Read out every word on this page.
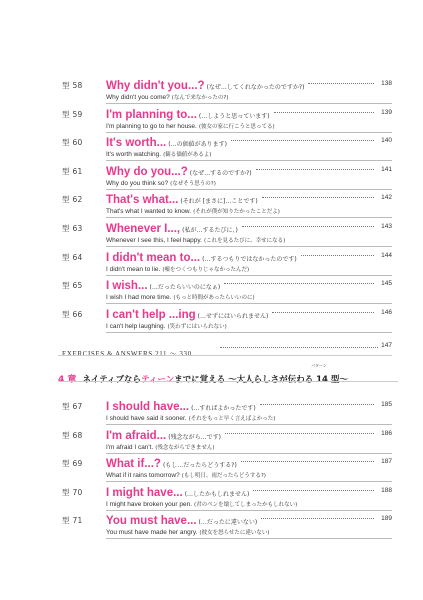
型 58 Why didn't you...? (なぜ…してくれなかったのですか?)
138
Why didn't you come? (なんで来なかったの?)
型 59 I'm planning to... (…しようと思っています)
139
I'm planning to go to her house. (彼女の家に行こうと思ってる)
型 60 It's worth... (…の価値があります)
140
It's worth watching. (観る価値があるよ)
型 61 Why do you...? (なぜ…するのですか?)
141
Why do you think so? (なぜそう思うの?)
型 62 That's what... (それが [まさに]…ことです)
142
That's what I wanted to know. (それが僕が知りたかったことだよ)
型 63 Whenever I..., (私が…するたびに、)
143
Whenever I see this, I feel happy. (これを見るたびに、幸せになる)
型 64 I didn't mean to... (…するつもりではなかったのです)
144
I didn't mean to lie. (嘘をつくつもりじゃなかったんだ)
型 65 I wish... (…だったらいいのになぁ)
145
I wish I had more time. (もっと時間があったらいいのに)
型 66 I can't help ...ing (…せずにはいられません)
146
I can't help laughing. (笑わずにはいられない)
EXERCISES & ANSWERS 211 〜 330
147
4 章 ネイティブならティーンまでに覚える 〜大人らしさが伝わる 14 型〜
パターン
型 67 I should have... (…すればよかったです)
185
I should have said it sooner. (それをもっと早く言えばよかった)
型 68 I'm afraid... (残念ながら…です)
186
I'm afraid I can't. (残念ながらできません)
型 69 What if...? (もし…だったらどうする?)
187
What if it rains tomorrow? (もし明日、雨だったらどうする?)
型 70 I might have... (…したかもしれません)
188
I might have broken your pen. (君のペンを壊してしまったかもしれない)
型 71 You must have... (…だったに違いない)
189
You must have made her angry. (彼女を怒らせたに違いない)
